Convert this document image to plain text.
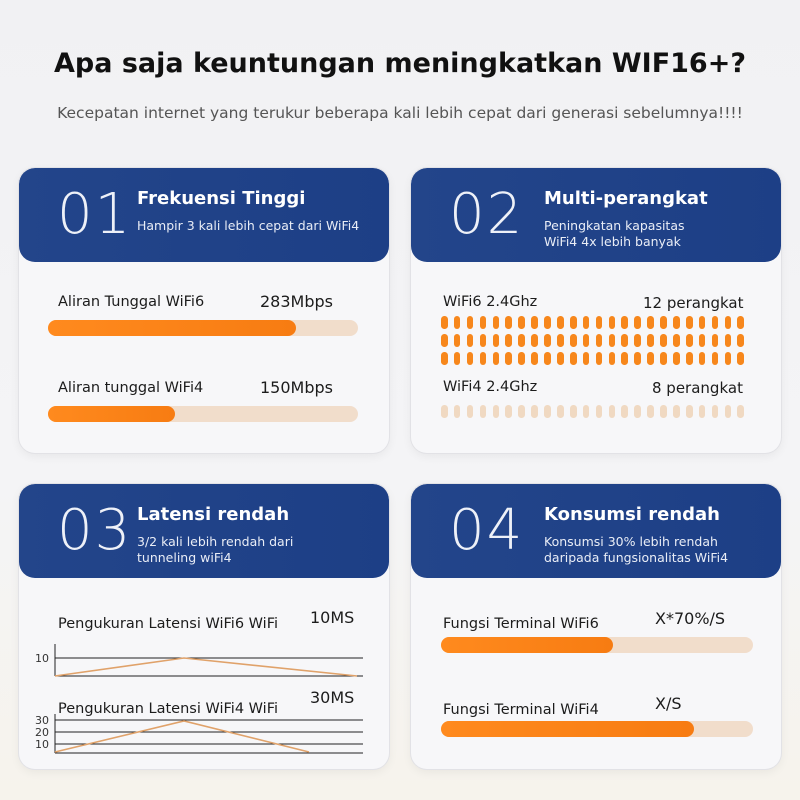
Apa saja keuntungan meningkatkan WIF16+?
Kecepatan internet yang terukur beberapa kali lebih cepat dari generasi sebelumnya!!!!
01 Frekuensi Tinggi
Hampir 3 kali lebih cepat dari WiFi4
Aliran Tunggal WiFi6	283Mbps
Aliran tunggal WiFi4	150Mbps
02 Multi-perangkat
Peningkatan kapasitas WiFi4 4x lebih banyak
WiFi6 2.4Ghz	12 perangkat
WiFi4 2.4Ghz	8 perangkat
03 Latensi rendah
3/2 kali lebih rendah dari tunneling wiFi4
Pengukuran Latensi WiFi6 WiFi 10MS
10
Pengukuran Latensi WiFi4 WiFi
30MS
30
20
10
04 Konsumsi rendah
Konsumsi 30% lebih rendah daripada fungsionalitas WiFi4
Fungsi Terminal WiFi6	X*70%/S
Fungsi Terminal WiFi4	X/S
